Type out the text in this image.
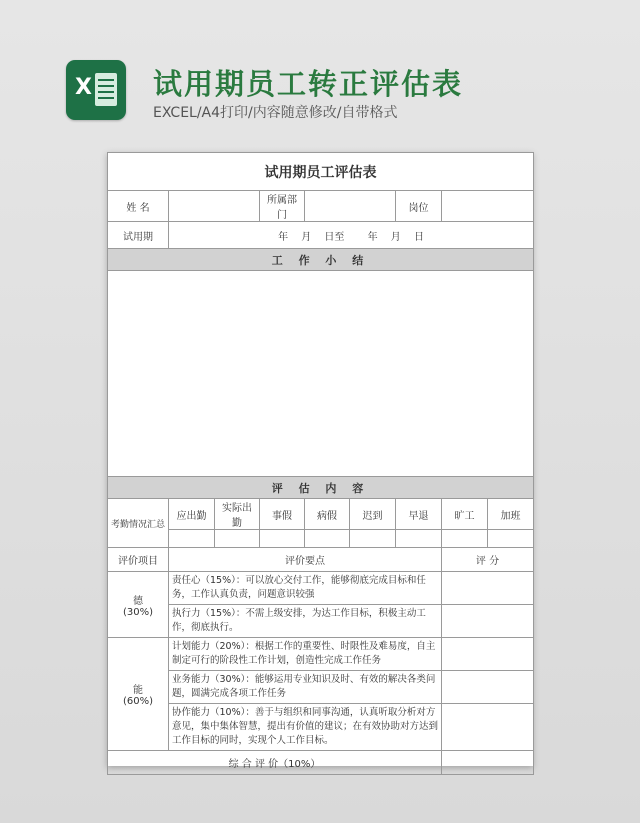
X 试用期员工转正评估表
EXCEL/A4打印/内容随意修改/自带格式
试用期员工评估表								
姓 名			所属部门			岗位		
试用期	年　 月　 日至　　 年　 月　 日							
工 作 小 结								

评 估 内 容								
考勤情况汇总	应出勤	实际出勤	事假	病假	迟到	早退	旷工	加班

评价项目	评价要点						评 分	

德
(30%)	责任心（15%）：可以放心交付工作，能够彻底完成目标和任务，工作认真负责，问题意识较强							
	执行力（15%）：不需上级安排，为达工作目标，积极主动工作，彻底执行。							

能
(60%)	计划能力（20%）：根据工作的重要性、时限性及难易度，自主制定可行的阶段性工作计划，创造性完成工作任务							
	业务能力（30%）：能够运用专业知识及时、有效的解决各类问题，圆满完成各项工作任务							
	协作能力（10%）：善于与组织和同事沟通，认真听取分析对方意见，集中集体智慧，提出有价值的建议；在有效协助对方达到工作目标的同时，实现个人工作目标。							
综 合 评 价（10%）								
